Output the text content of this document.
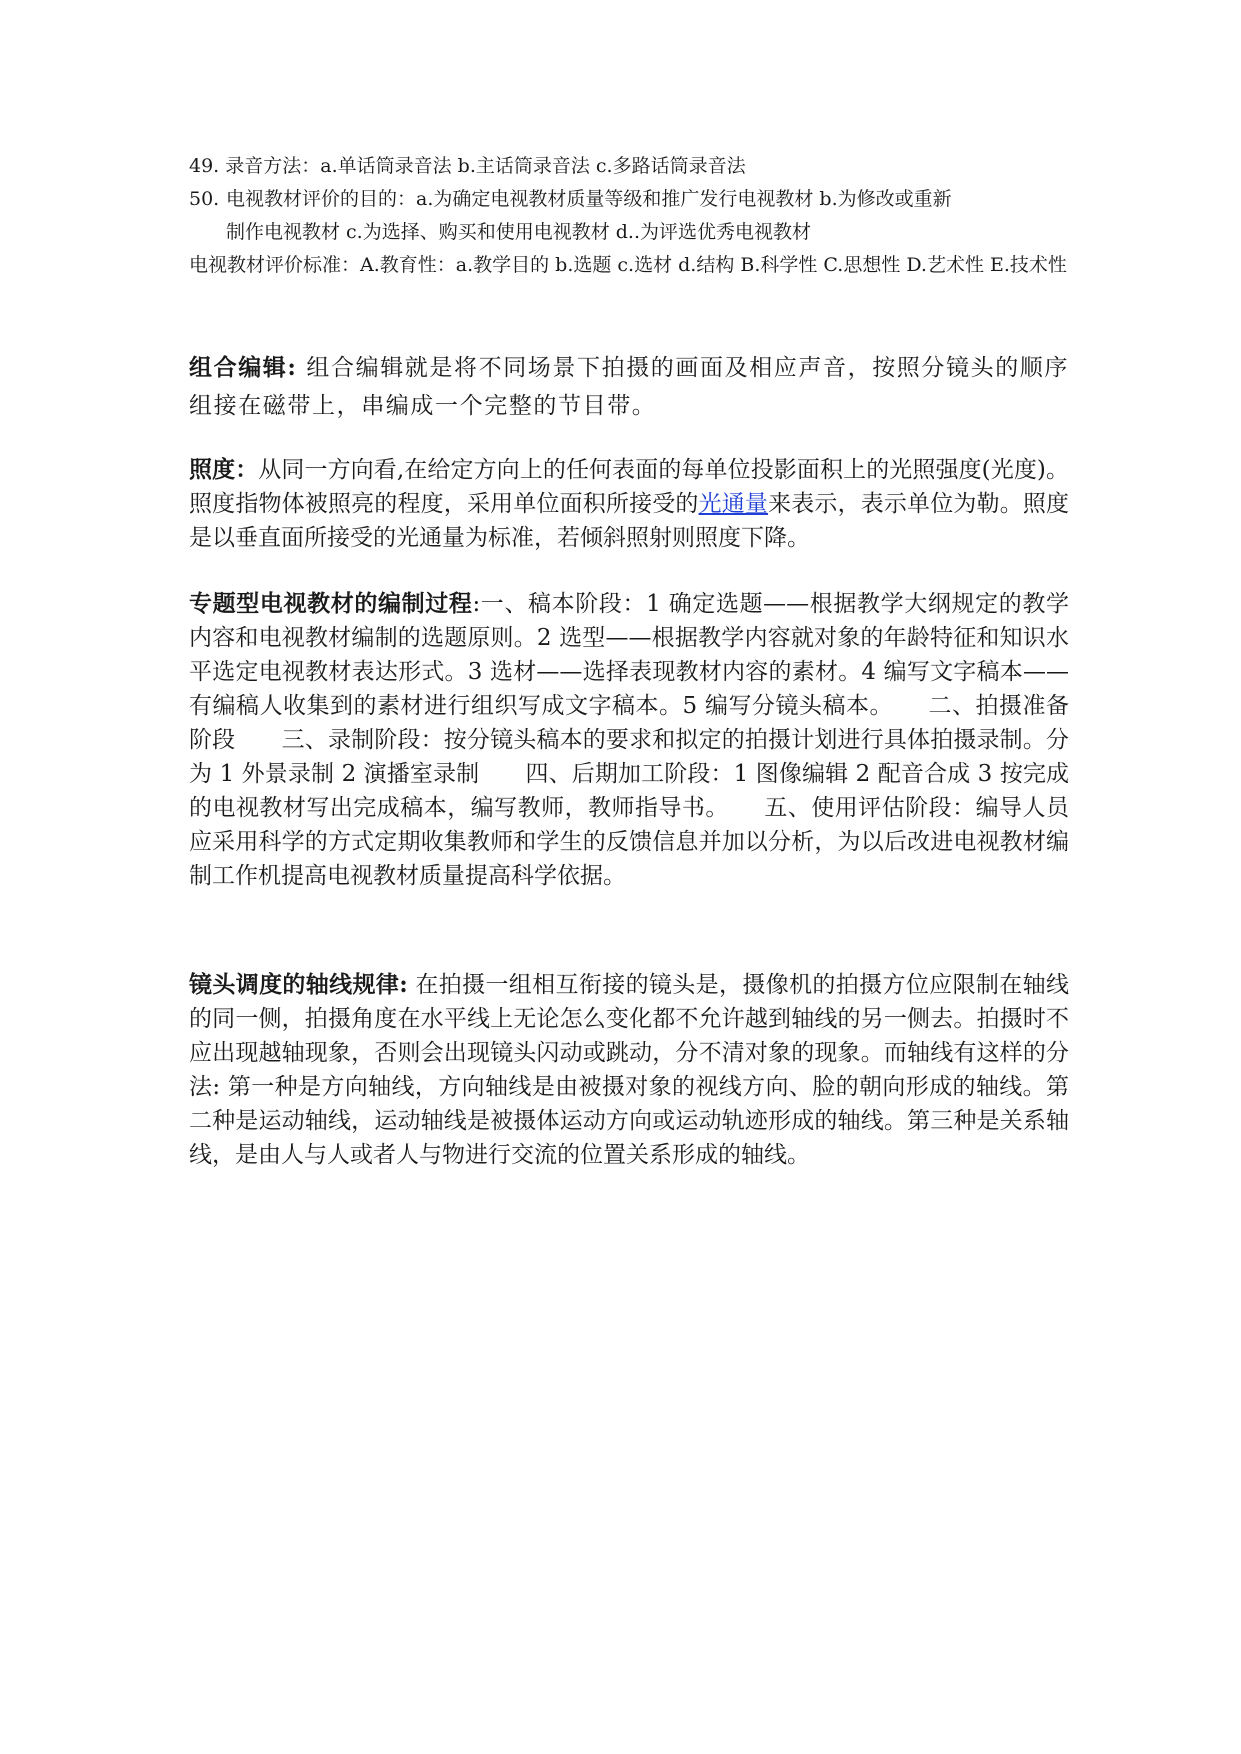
49. 录音方法：a.单话筒录音法 b.主话筒录音法 c.多路话筒录音法
50. 电视教材评价的目的：a.为确定电视教材质量等级和推广发行电视教材 b.为修改或重新
制作电视教材 c.为选择、购买和使用电视教材 d..为评选优秀电视教材
电视教材评价标准：A.教育性：a.教学目的 b.选题 c.选材 d.结构 B.科学性 C.思想性 D.艺术性 E.技术性

组合编辑: 组合编辑就是将不同场景下拍摄的画面及相应声音，按照分镜头的顺序组接在磁带上，串编成一个完整的节目带。

照度：从同一方向看,在给定方向上的任何表面的每单位投影面积上的光照强度(光度)。照度指物体被照亮的程度，采用单位面积所接受的光通量来表示，表示单位为勒。照度是以垂直面所接受的光通量为标准，若倾斜照射则照度下降。

专题型电视教材的编制过程:一、稿本阶段：1 确定选题——根据教学大纲规定的教学内容和电视教材编制的选题原则。2 选型——根据教学内容就对象的年龄特征和知识水平选定电视教材表达形式。3 选材——选择表现教材内容的素材。4 编写文字稿本——有编稿人收集到的素材进行组织写成文字稿本。5 编写分镜头稿本。　　二、拍摄准备阶段　　三、录制阶段：按分镜头稿本的要求和拟定的拍摄计划进行具体拍摄录制。分为 1 外景录制 2 演播室录制　　四、后期加工阶段：1 图像编辑 2 配音合成 3 按完成的电视教材写出完成稿本，编写教师，教师指导书。　　五、使用评估阶段：编导人员应采用科学的方式定期收集教师和学生的反馈信息并加以分析，为以后改进电视教材编制工作机提高电视教材质量提高科学依据。

镜头调度的轴线规律: 在拍摄一组相互衔接的镜头是，摄像机的拍摄方位应限制在轴线的同一侧，拍摄角度在水平线上无论怎么变化都不允许越到轴线的另一侧去。拍摄时不应出现越轴现象，否则会出现镜头闪动或跳动，分不清对象的现象。而轴线有这样的分法: 第一种是方向轴线，方向轴线是由被摄对象的视线方向、脸的朝向形成的轴线。第二种是运动轴线，运动轴线是被摄体运动方向或运动轨迹形成的轴线。第三种是关系轴线，是由人与人或者人与物进行交流的位置关系形成的轴线。
